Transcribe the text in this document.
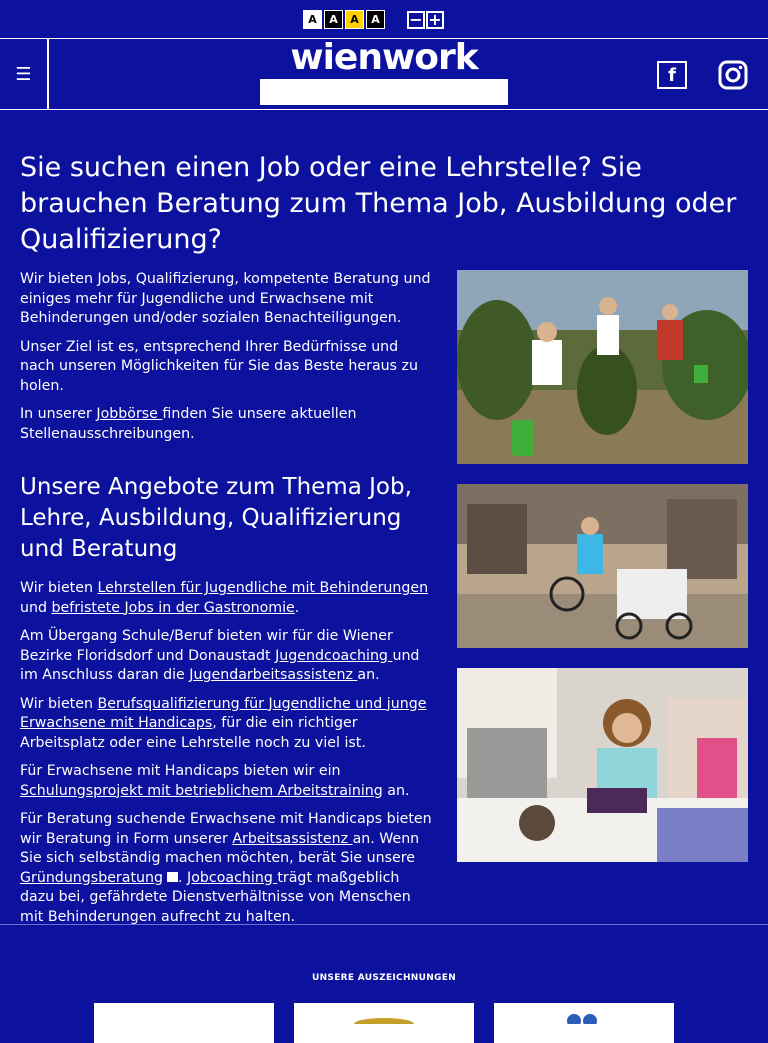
A	A	A	A	− +
☰	wienwork	f
Sie suchen einen Job oder eine Lehrstelle? Sie brauchen Beratung zum Thema Job, Ausbildung oder Qualifizierung?

Wir bieten Jobs, Qualifizierung, kompetente Beratung und einiges mehr für Jugendliche und Erwachsene mit Behinderungen und/oder sozialen Benachteiligungen.

Unser Ziel ist es, entsprechend Ihrer Bedürfnisse und nach unseren Möglichkeiten für Sie das Beste heraus zu holen.

In unserer Jobbörse finden Sie unsere aktuellen Stellenausschreibungen.

Unsere Angebote zum Thema Job, Lehre, Ausbildung, Qualifizierung und Beratung

Wir bieten Lehrstellen für Jugendliche mit Behinderungen und befristete Jobs in der Gastronomie.

Am Übergang Schule/Beruf bieten wir für die Wiener Bezirke Floridsdorf und Donaustadt Jugendcoaching und im Anschluss daran die Jugendarbeitsassistenz an.

Wir bieten Berufsqualifizierung für Jugendliche und junge Erwachsene mit Handicaps, für die ein richtiger Arbeitsplatz oder eine Lehrstelle noch zu viel ist.

Für Erwachsene mit Handicaps bieten wir ein Schulungsprojekt mit betrieblichem Arbeitstraining an.

Für Beratung suchende Erwachsene mit Handicaps bieten wir Beratung in Form unserer Arbeitsassistenz an. Wenn Sie sich selbständig machen möchten, berät Sie unsere Gründungsberatung . Jobcoaching trägt maßgeblich dazu bei, gefährdete Dienstverhältnisse von Menschen mit Behinderungen aufrecht zu halten.

UNSERE AUSZEICHNUNGEN
